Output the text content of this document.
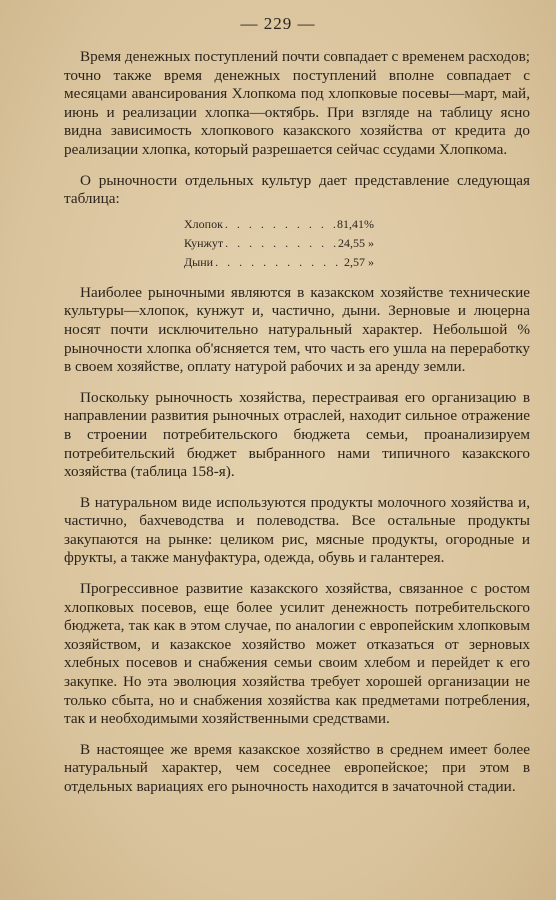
— 229 —

Время денежных поступлений почти совпадает с временем расходов; точно также время денежных поступлений вполне совпадает с месяцами авансирования Хлопкома под хлопковые посевы—март, май, июнь и реализации хлопка—октябрь. При взгляде на таблицу ясно видна зависимость хлопкового казакского хозяйства от кредита до реализации хлопка, который разрешается сейчас ссудами Хлопкома.

О рыночности отдельных культур дает представление следующая таблица:

Хлопок . . .	81,41%
Кунжут . . .	24,55 »
Дыни . . .	2,57 »

Наиболее рыночными являются в казакском хозяйстве технические культуры—хлопок, кунжут и, частично, дыни. Зерновые и люцерна носят почти исключительно натуральный характер. Небольшой % рыночности хлопка об'ясняется тем, что часть его ушла на переработку в своем хозяйстве, оплату натурой рабочих и за аренду земли.

Поскольку рыночность хозяйства, перестраивая его организацию в направлении развития рыночных отраслей, находит сильное отражение в строении потребительского бюджета семьи, проанализируем потребительский бюджет выбранного нами типичного казакского хозяйства (таблица 158-я).

В натуральном виде используются продукты молочного хозяйства и, частично, бахчеводства и полеводства. Все остальные продукты закупаются на рынке: целиком рис, мясные продукты, огородные и фрукты, а также мануфактура, одежда, обувь и галантерея.

Прогрессивное развитие казакского хозяйства, связанное с ростом хлопковых посевов, еще более усилит денежность потребительского бюджета, так как в этом случае, по аналогии с европейским хлопковым хозяйством, и казакское хозяйство может отказаться от зерновых хлебных посевов и снабжения семьи своим хлебом и перейдет к его закупке. Но эта эволюция хозяйства требует хорошей организации не только сбыта, но и снабжения хозяйства как предметами потребления, так и необходимыми хозяйственными средствами.

В настоящее же время казакское хозяйство в среднем имеет более натуральный характер, чем соседнее европейское; при этом в отдельных вариациях его рыночность находится в зачаточной стадии.
